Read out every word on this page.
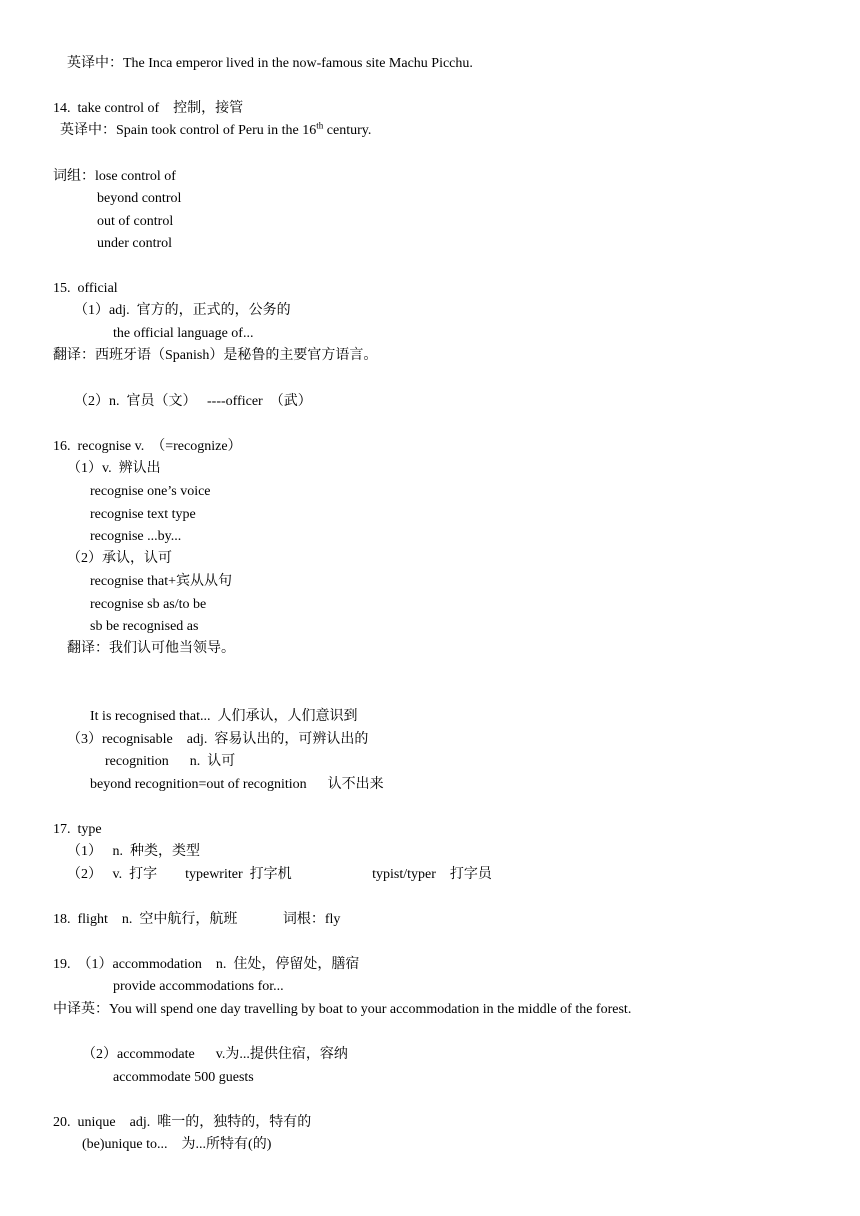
英译中：The Inca emperor lived in the now-famous site Machu Picchu.
14.  take control of    控制，接管
英译中：Spain took control of Peru in the 16th century.
词组：lose control of
beyond control
out of control
under control
15.  official
（1）adj.  官方的，正式的，公务的
the official language of...
翻译：西班牙语（Spanish）是秘鲁的主要官方语言。
（2）n.  官员（文）   ----officer  （武）
16.  recognise v.  （=recognize）
（1）v.  辨认出
recognise one’s voice
recognise text type
recognise ...by...
（2）承认，认可
recognise that+宾从从句
recognise sb as/to be
sb be recognised as
翻译：我们认可他当领导。
It is recognised that...  人们承认，人们意识到
（3）recognisable    adj.  容易认出的，可辨认出的
recognition      n.  认可
beyond recognition=out of recognition      认不出来
17.  type
（1）   n.  种类，类型
（2）   v.  打字        typewriter  打字机                       typist/typer    打字员
18.  flight    n.  空中航行，航班             词根：fly
19.  （1）accommodation    n.  住处，停留处，膳宿
provide accommodations for...
中译英：You will spend one day travelling by boat to your accommodation in the middle of the forest.
（2）accommodate      v.为...提供住宿，容纳
accommodate 500 guests
20.  unique    adj.  唯一的，独特的，特有的
(be)unique to...    为...所特有(的)
